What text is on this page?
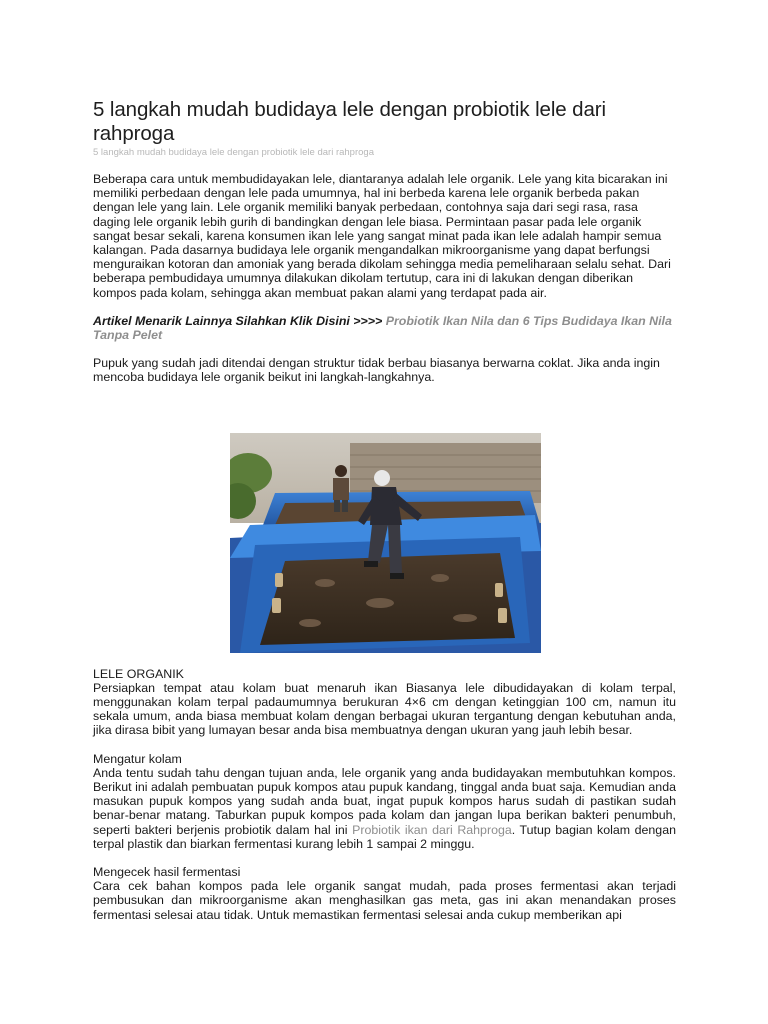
5 langkah mudah budidaya lele dengan probiotik lele dari rahproga
5 langkah mudah budidaya lele dengan probiotik lele dari rahproga

Beberapa cara untuk membudidayakan lele, diantaranya adalah lele organik. Lele yang kita bicarakan ini memiliki perbedaan dengan lele pada umumnya, hal ini berbeda karena lele organik berbeda pakan dengan lele yang lain. Lele organik memiliki banyak perbedaan, contohnya saja dari segi rasa, rasa daging lele organik lebih gurih di bandingkan dengan lele biasa. Permintaan pasar pada lele organik sangat besar sekali, karena konsumen ikan lele yang sangat minat pada ikan lele adalah hampir semua kalangan. Pada dasarnya budidaya lele organik mengandalkan mikroorganisme yang dapat berfungsi menguraikan kotoran dan amoniak yang berada dikolam sehingga media pemeliharaan selalu sehat. Dari beberapa pembudidaya umumnya dilakukan dikolam tertutup, cara ini di lakukan dengan diberikan kompos pada kolam, sehingga akan membuat pakan alami yang terdapat pada air.

Artikel Menarik Lainnya Silahkan Klik Disini >>>> Probiotik Ikan Nila dan 6 Tips Budidaya Ikan Nila Tanpa Pelet

Pupuk yang sudah jadi ditendai dengan struktur tidak berbau biasanya berwarna coklat. Jika anda ingin mencoba budidaya lele organik beikut ini langkah-langkahnya.

LELE ORGANIK

Persiapkan tempat atau kolam buat menaruh ikan Biasanya lele dibudidayakan di kolam terpal, menggunakan kolam terpal padaumumnya berukuran 4×6 cm dengan ketinggian 100 cm, namun itu sekala umum, anda biasa membuat kolam dengan berbagai ukuran tergantung dengan kebutuhan anda, jika dirasa bibit yang lumayan besar anda bisa membuatnya dengan ukuran yang jauh lebih besar.

Mengatur kolam

Anda tentu sudah tahu dengan tujuan anda, lele organik yang anda budidayakan membutuhkan kompos. Berikut ini adalah pembuatan pupuk kompos atau pupuk kandang, tinggal anda buat saja. Kemudian anda masukan pupuk kompos yang sudah anda buat, ingat pupuk kompos harus sudah di pastikan sudah benar-benar matang. Taburkan pupuk kompos pada kolam dan jangan lupa berikan bakteri penumbuh, seperti bakteri berjenis probiotik dalam hal ini Probiotik ikan dari Rahproga. Tutup bagian kolam dengan terpal plastik dan biarkan fermentasi kurang lebih 1 sampai 2 minggu.

Mengecek hasil fermentasi

Cara cek bahan kompos pada lele organik sangat mudah, pada proses fermentasi akan terjadi pembusukan dan mikroorganisme akan menghasilkan gas meta, gas ini akan menandakan proses fermentasi selesai atau tidak. Untuk memastikan fermentasi selesai anda cukup memberikan api
